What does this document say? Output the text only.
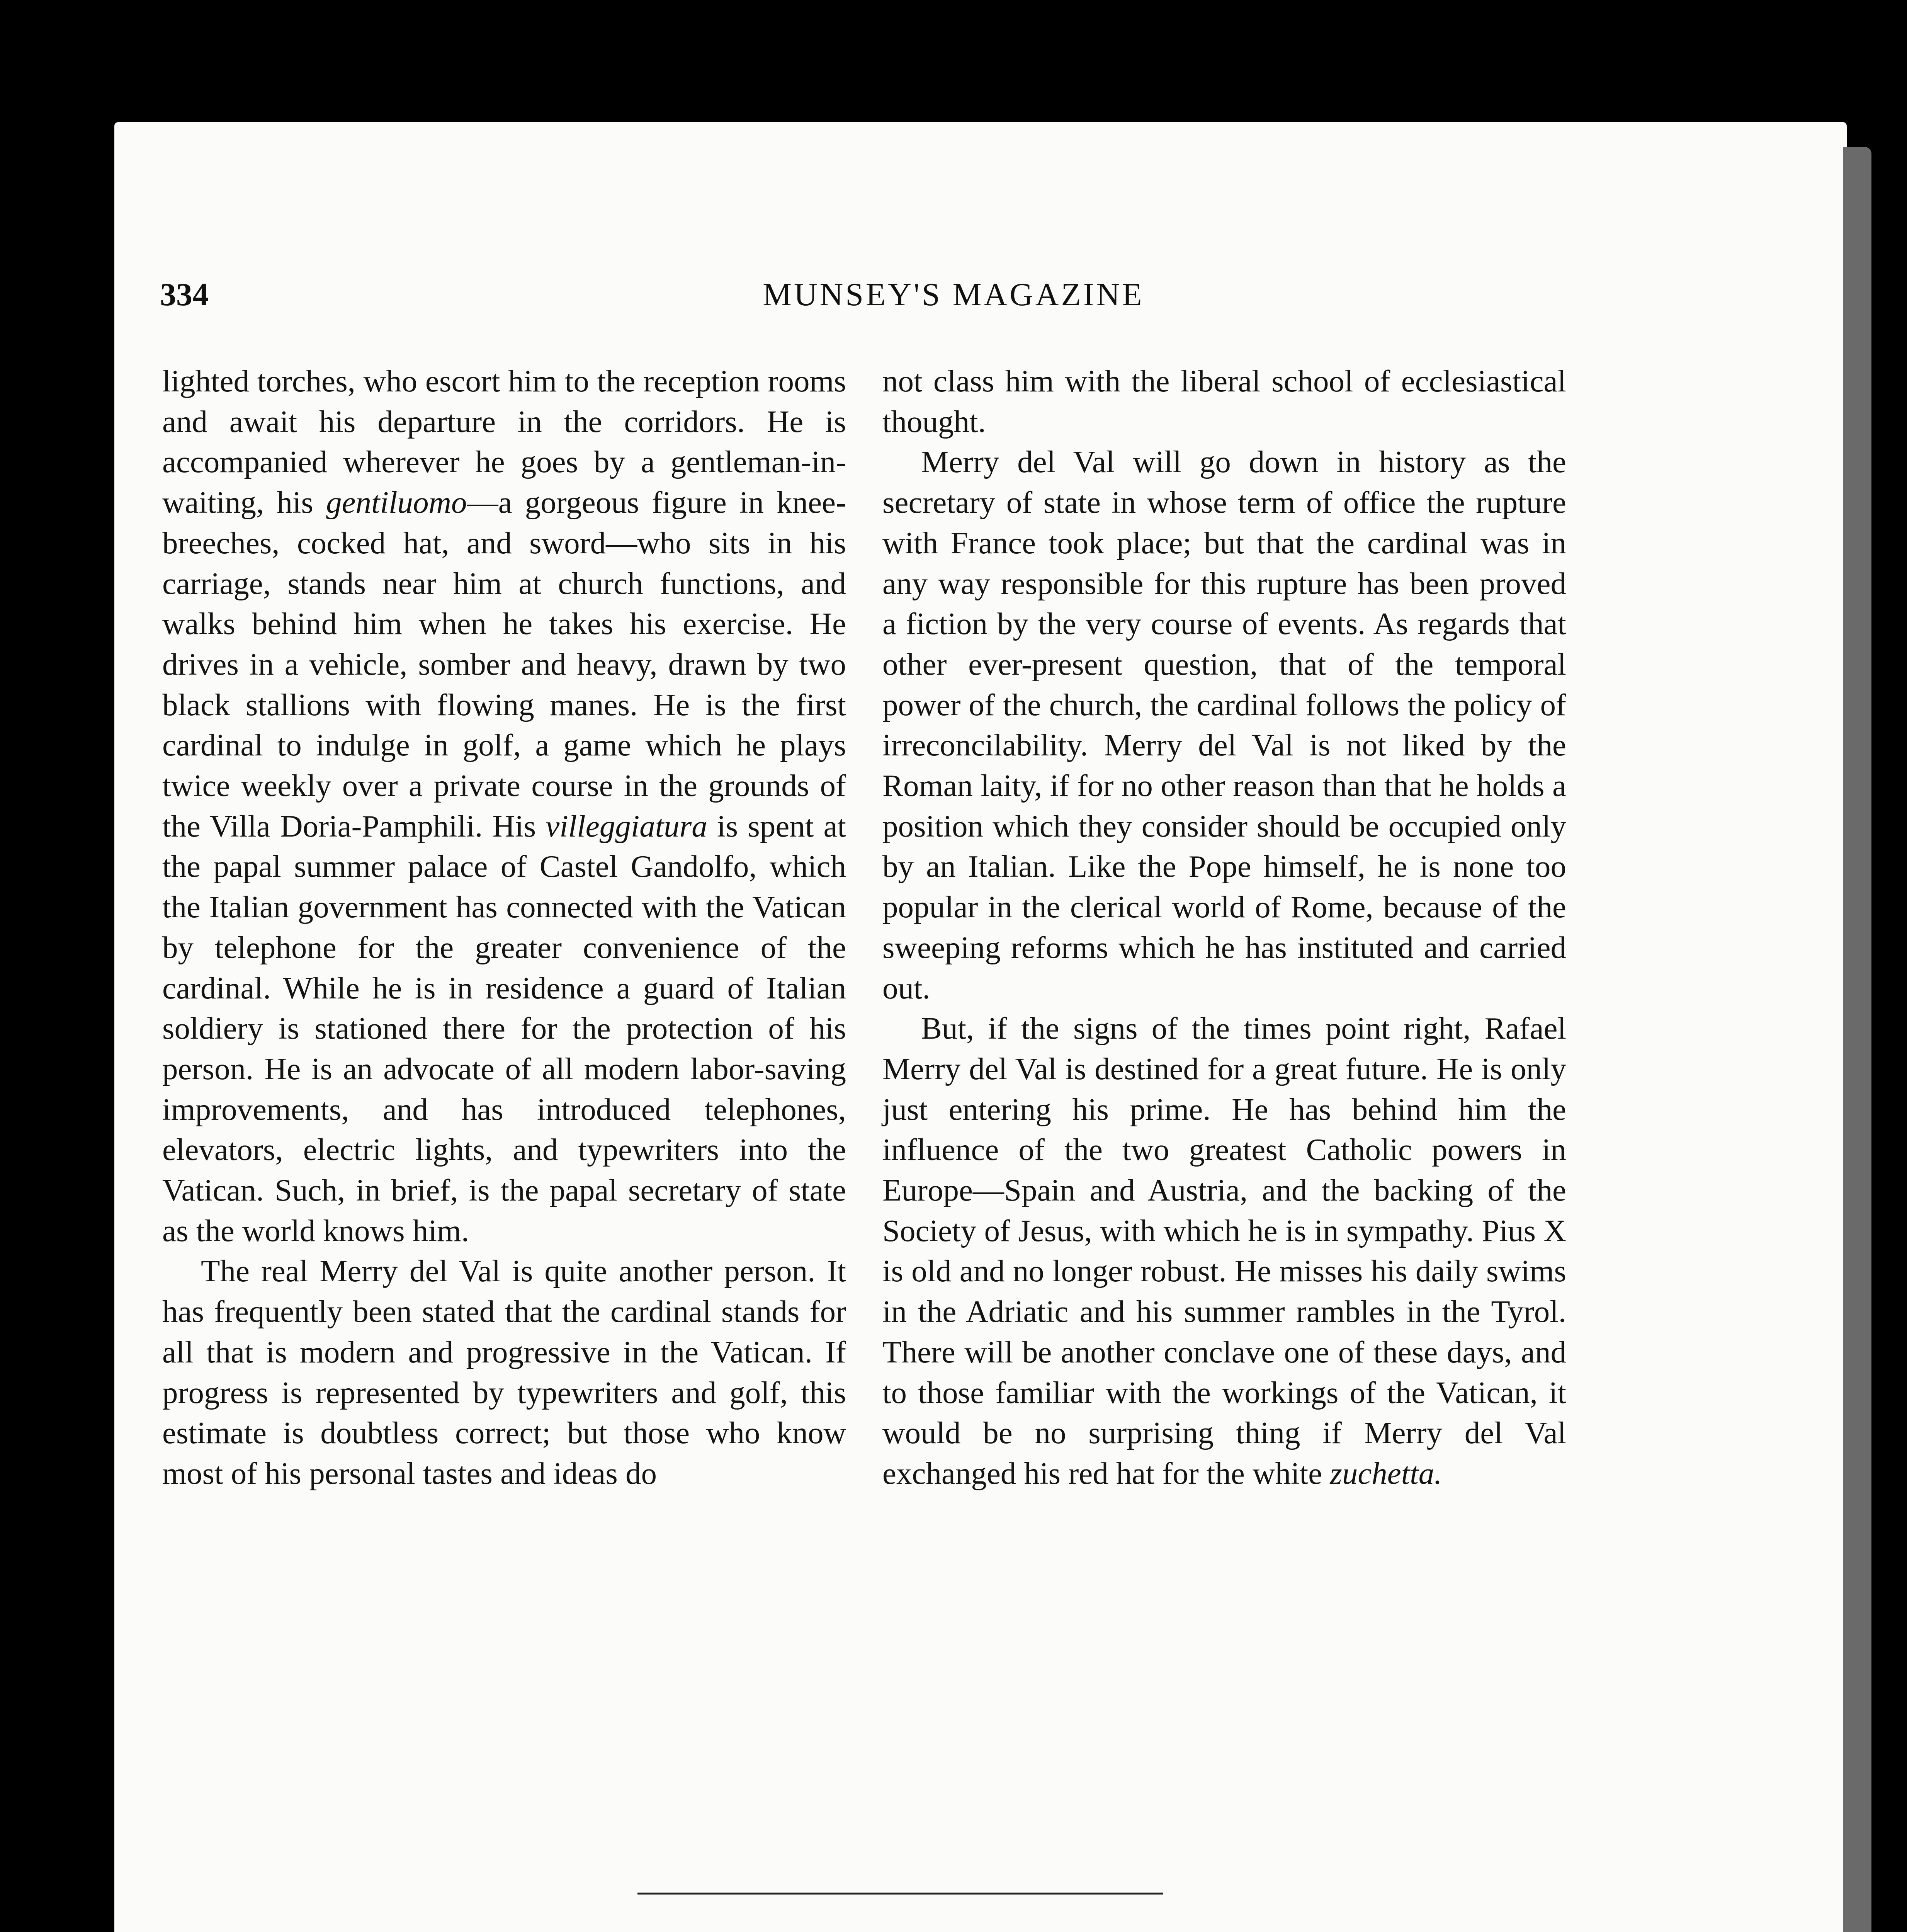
334	MUNSEY'S MAGAZINE

lighted torches, who escort him to the reception rooms and await his departure in the corridors. He is accompanied wherever he goes by a gentleman-in-waiting, his gentiluomo—a gorgeous figure in knee-breeches, cocked hat, and sword—who sits in his carriage, stands near him at church functions, and walks behind him when he takes his exercise. He drives in a vehicle, somber and heavy, drawn by two black stallions with flowing manes. He is the first cardinal to indulge in golf, a game which he plays twice weekly over a private course in the grounds of the Villa Doria-Pamphili. His villeggiatura is spent at the papal summer palace of Castel Gandolfo, which the Italian government has connected with the Vatican by telephone for the greater convenience of the cardinal. While he is in residence a guard of Italian soldiery is stationed there for the protection of his person. He is an advocate of all modern labor-saving improvements, and has introduced telephones, elevators, electric lights, and typewriters into the Vatican. Such, in brief, is the papal secretary of state as the world knows him.

The real Merry del Val is quite another person. It has frequently been stated that the cardinal stands for all that is modern and progressive in the Vatican. If progress is represented by typewriters and golf, this estimate is doubtless correct; but those who know most of his personal tastes and ideas do

not class him with the liberal school of ecclesiastical thought.

Merry del Val will go down in history as the secretary of state in whose term of office the rupture with France took place; but that the cardinal was in any way responsible for this rupture has been proved a fiction by the very course of events. As regards that other ever-present question, that of the temporal power of the church, the cardinal follows the policy of irreconcilability. Merry del Val is not liked by the Roman laity, if for no other reason than that he holds a position which they consider should be occupied only by an Italian. Like the Pope himself, he is none too popular in the clerical world of Rome, because of the sweeping reforms which he has instituted and carried out.

But, if the signs of the times point right, Rafael Merry del Val is destined for a great future. He is only just entering his prime. He has behind him the influence of the two greatest Catholic powers in Europe—Spain and Austria, and the backing of the Society of Jesus, with which he is in sympathy. Pius X is old and no longer robust. He misses his daily swims in the Adriatic and his summer rambles in the Tyrol. There will be another conclave one of these days, and to those familiar with the workings of the Vatican, it would be no surprising thing if Merry del Val exchanged his red hat for the white zuchetta.
